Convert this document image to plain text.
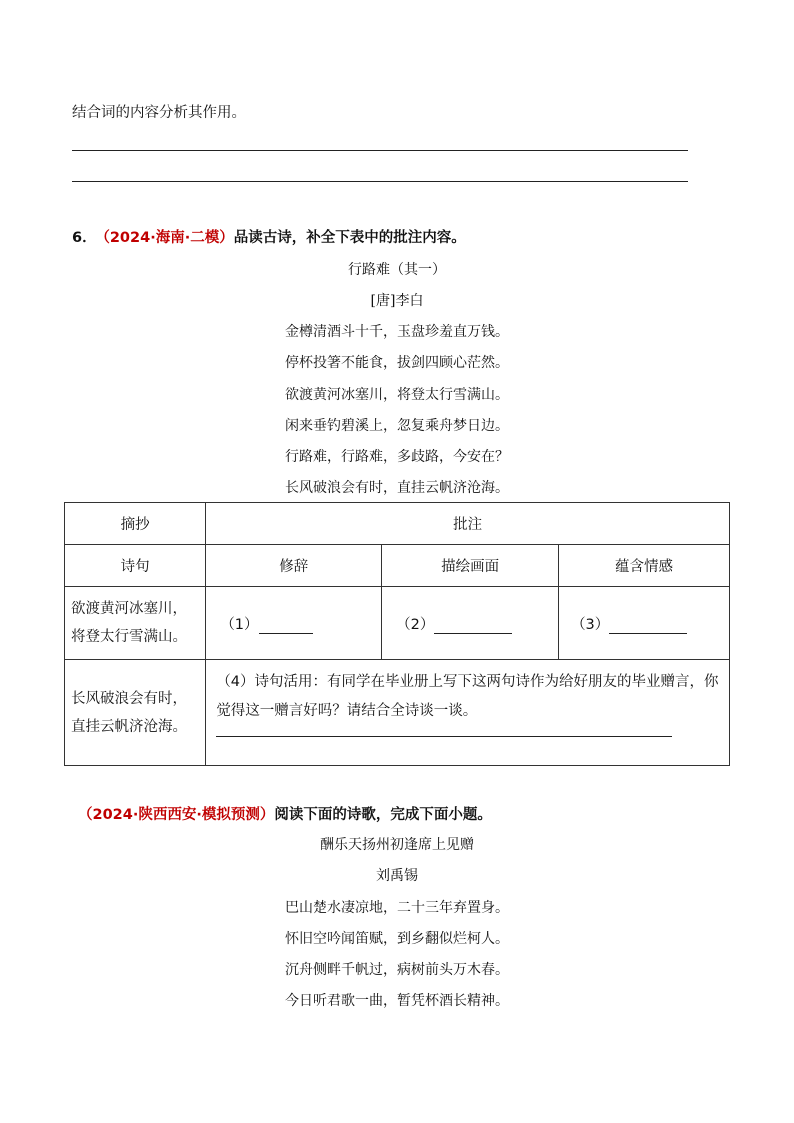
结合词的内容分析其作用。
6． （2024·海南·二模）品读古诗，补全下表中的批注内容。
行路难（其一）
[唐]李白
金樽清酒斗十千，玉盘珍羞直万钱。
停杯投箸不能食，拔剑四顾心茫然。
欲渡黄河冰塞川，将登太行雪满山。
闲来垂钓碧溪上，忽复乘舟梦日边。
行路难，行路难，多歧路，今安在？
长风破浪会有时，直挂云帆济沧海。
摘抄	批注		
诗句	修辞	描绘画面	蕴含情感

欲渡黄河冰塞川，
将登太行雪满山。	（1）	（2）	（3）

长风破浪会有时，
直挂云帆济沧海。	（4）诗句活用：有同学在毕业册上写下这两句诗作为给好朋友的毕业赠言，你觉得这一赠言好吗？请结合全诗谈一谈。		
（2024·陕西西安·模拟预测）阅读下面的诗歌，完成下面小题。
酬乐天扬州初逢席上见赠
刘禹锡
巴山楚水凄凉地，二十三年弃置身。
怀旧空吟闻笛赋，到乡翻似烂柯人。
沉舟侧畔千帆过，病树前头万木春。
今日听君歌一曲，暂凭杯酒长精神。
